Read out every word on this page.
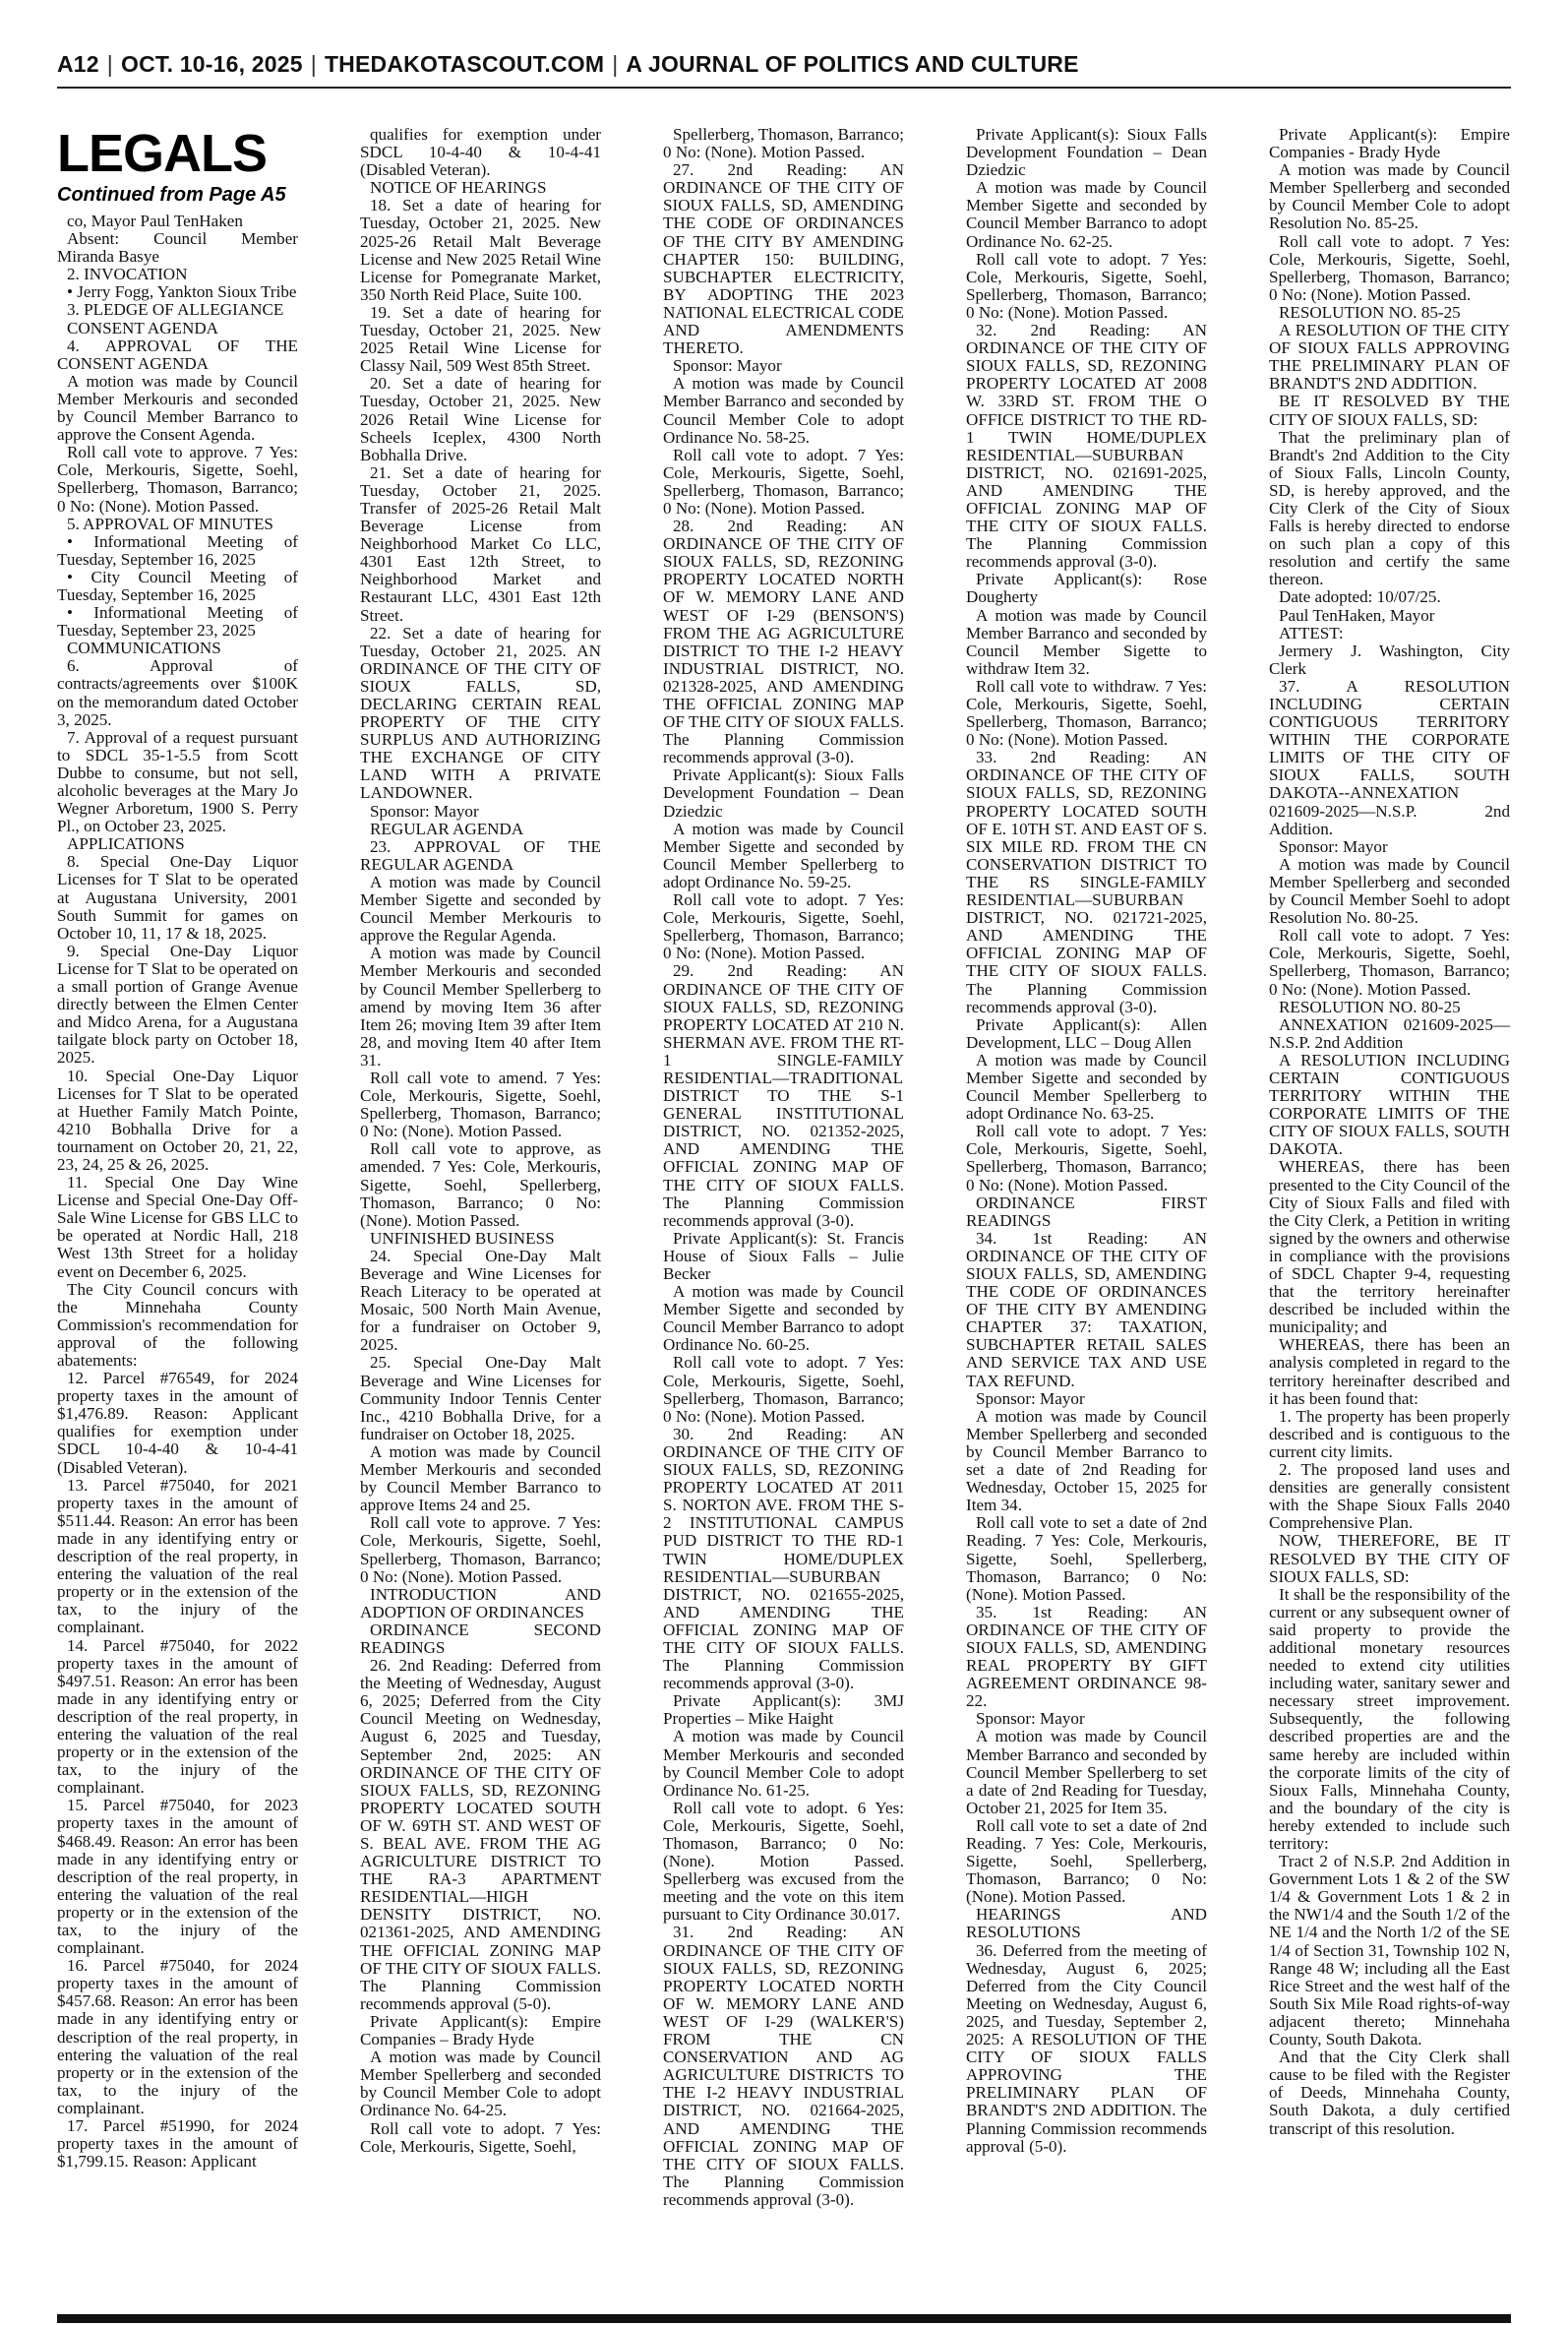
A12 | OCT. 10-16, 2025 | THEDAKOTASCOUT.COM | A JOURNAL OF POLITICS AND CULTURE
LEGALS
Continued from Page A5

co, Mayor Paul TenHaken

Absent: Council Member Miranda Basye

2. INVOCATION

• Jerry Fogg, Yankton Sioux Tribe

3. PLEDGE OF ALLEGIANCE

CONSENT AGENDA

4. APPROVAL OF THE CONSENT AGENDA

A motion was made by Council Member Merkouris and seconded by Council Member Barranco to approve the Consent Agenda.

Roll call vote to approve. 7 Yes: Cole, Merkouris, Sigette, Soehl, Spellerberg, Thomason, Barranco; 0 No: (None). Motion Passed.

5. APPROVAL OF MINUTES

• Informational Meeting of Tuesday, September 16, 2025

• City Council Meeting of Tuesday, September 16, 2025

• Informational Meeting of Tuesday, September 23, 2025

COMMUNICATIONS

6. Approval of contracts/agreements over $100K on the memorandum dated October 3, 2025.

7. Approval of a request pursuant to SDCL 35-1-5.5 from Scott Dubbe to consume, but not sell, alcoholic beverages at the Mary Jo Wegner Arboretum, 1900 S. Perry Pl., on October 23, 2025.

APPLICATIONS

8. Special One-Day Liquor Licenses for T Slat to be operated at Augustana University, 2001 South Summit for games on October 10, 11, 17 & 18, 2025.

9. Special One-Day Liquor License for T Slat to be operated on a small portion of Grange Avenue directly between the Elmen Center and Midco Arena, for a Augustana tailgate block party on October 18, 2025.

10. Special One-Day Liquor Licenses for T Slat to be operated at Huether Family Match Pointe, 4210 Bobhalla Drive for a tournament on October 20, 21, 22, 23, 24, 25 & 26, 2025.

11. Special One Day Wine License and Special One-Day Off-Sale Wine License for GBS LLC to be operated at Nordic Hall, 218 West 13th Street for a holiday event on December 6, 2025.

The City Council concurs with the Minnehaha County Commission's recommendation for approval of the following abatements:

12. Parcel #76549, for 2024 property taxes in the amount of $1,476.89. Reason: Applicant qualifies for exemption under SDCL 10-4-40 & 10-4-41 (Disabled Veteran).

13. Parcel #75040, for 2021 property taxes in the amount of $511.44. Reason: An error has been made in any identifying entry or description of the real property, in entering the valuation of the real property or in the extension of the tax, to the injury of the complainant.

14. Parcel #75040, for 2022 property taxes in the amount of $497.51. Reason: An error has been made in any identifying entry or description of the real property, in entering the valuation of the real property or in the extension of the tax, to the injury of the complainant.

15. Parcel #75040, for 2023 property taxes in the amount of $468.49. Reason: An error has been made in any identifying entry or description of the real property, in entering the valuation of the real property or in the extension of the tax, to the injury of the complainant.

16. Parcel #75040, for 2024 property taxes in the amount of $457.68. Reason: An error has been made in any identifying entry or description of the real property, in entering the valuation of the real property or in the extension of the tax, to the injury of the complainant.

17. Parcel #51990, for 2024 property taxes in the amount of $1,799.15. Reason: Applicant

qualifies for exemption under SDCL 10-4-40 & 10-4-41 (Disabled Veteran).

NOTICE OF HEARINGS

18. Set a date of hearing for Tuesday, October 21, 2025. New 2025-26 Retail Malt Beverage License and New 2025 Retail Wine License for Pomegranate Market, 350 North Reid Place, Suite 100.

19. Set a date of hearing for Tuesday, October 21, 2025. New 2025 Retail Wine License for Classy Nail, 509 West 85th Street.

20. Set a date of hearing for Tuesday, October 21, 2025. New 2026 Retail Wine License for Scheels Iceplex, 4300 North Bobhalla Drive.

21. Set a date of hearing for Tuesday, October 21, 2025. Transfer of 2025-26 Retail Malt Beverage License from Neighborhood Market Co LLC, 4301 East 12th Street, to Neighborhood Market and Restaurant LLC, 4301 East 12th Street.

22. Set a date of hearing for Tuesday, October 21, 2025. AN ORDINANCE OF THE CITY OF SIOUX FALLS, SD, DECLARING CERTAIN REAL PROPERTY OF THE CITY SURPLUS AND AUTHORIZING THE EXCHANGE OF CITY LAND WITH A PRIVATE LANDOWNER.

Sponsor: Mayor

REGULAR AGENDA

23. APPROVAL OF THE REGULAR AGENDA

A motion was made by Council Member Sigette and seconded by Council Member Merkouris to approve the Regular Agenda.

A motion was made by Council Member Merkouris and seconded by Council Member Spellerberg to amend by moving Item 36 after Item 26; moving Item 39 after Item 28, and moving Item 40 after Item 31.

Roll call vote to amend. 7 Yes: Cole, Merkouris, Sigette, Soehl, Spellerberg, Thomason, Barranco; 0 No: (None). Motion Passed.

Roll call vote to approve, as amended. 7 Yes: Cole, Merkouris, Sigette, Soehl, Spellerberg, Thomason, Barranco; 0 No: (None). Motion Passed.

UNFINISHED BUSINESS

24. Special One-Day Malt Beverage and Wine Licenses for Reach Literacy to be operated at Mosaic, 500 North Main Avenue, for a fundraiser on October 9, 2025.

25. Special One-Day Malt Beverage and Wine Licenses for Community Indoor Tennis Center Inc., 4210 Bobhalla Drive, for a fundraiser on October 18, 2025.

A motion was made by Council Member Merkouris and seconded by Council Member Barranco to approve Items 24 and 25.

Roll call vote to approve. 7 Yes: Cole, Merkouris, Sigette, Soehl, Spellerberg, Thomason, Barranco; 0 No: (None). Motion Passed.

INTRODUCTION AND ADOPTION OF ORDINANCES

ORDINANCE SECOND READINGS

26. 2nd Reading: Deferred from the Meeting of Wednesday, August 6, 2025; Deferred from the City Council Meeting on Wednesday, August 6, 2025 and Tuesday, September 2nd, 2025: AN ORDINANCE OF THE CITY OF SIOUX FALLS, SD, REZONING PROPERTY LOCATED SOUTH OF W. 69TH ST. AND WEST OF S. BEAL AVE. FROM THE AG AGRICULTURE DISTRICT TO THE RA-3 APARTMENT RESIDENTIAL—HIGH DENSITY DISTRICT, NO. 021361-2025, AND AMENDING THE OFFICIAL ZONING MAP OF THE CITY OF SIOUX FALLS. The Planning Commission recommends approval (5-0).

Private Applicant(s): Empire Companies – Brady Hyde

A motion was made by Council Member Spellerberg and seconded by Council Member Cole to adopt Ordinance No. 64-25.

Roll call vote to adopt. 7 Yes: Cole, Merkouris, Sigette, Soehl,

Spellerberg, Thomason, Barranco; 0 No: (None). Motion Passed.

27. 2nd Reading: AN ORDINANCE OF THE CITY OF SIOUX FALLS, SD, AMENDING THE CODE OF ORDINANCES OF THE CITY BY AMENDING CHAPTER 150: BUILDING, SUBCHAPTER ELECTRICITY, BY ADOPTING THE 2023 NATIONAL ELECTRICAL CODE AND AMENDMENTS THERETO.

Sponsor: Mayor

A motion was made by Council Member Barranco and seconded by Council Member Cole to adopt Ordinance No. 58-25.

Roll call vote to adopt. 7 Yes: Cole, Merkouris, Sigette, Soehl, Spellerberg, Thomason, Barranco; 0 No: (None). Motion Passed.

28. 2nd Reading: AN ORDINANCE OF THE CITY OF SIOUX FALLS, SD, REZONING PROPERTY LOCATED NORTH OF W. MEMORY LANE AND WEST OF I-29 (BENSON'S) FROM THE AG AGRICULTURE DISTRICT TO THE I-2 HEAVY INDUSTRIAL DISTRICT, NO. 021328-2025, AND AMENDING THE OFFICIAL ZONING MAP OF THE CITY OF SIOUX FALLS. The Planning Commission recommends approval (3-0).

Private Applicant(s): Sioux Falls Development Foundation – Dean Dziedzic

A motion was made by Council Member Sigette and seconded by Council Member Spellerberg to adopt Ordinance No. 59-25.

Roll call vote to adopt. 7 Yes: Cole, Merkouris, Sigette, Soehl, Spellerberg, Thomason, Barranco; 0 No: (None). Motion Passed.

29. 2nd Reading: AN ORDINANCE OF THE CITY OF SIOUX FALLS, SD, REZONING PROPERTY LOCATED AT 210 N. SHERMAN AVE. FROM THE RT-1 SINGLE-FAMILY RESIDENTIAL—TRADITIONAL DISTRICT TO THE S-1 GENERAL INSTITUTIONAL DISTRICT, NO. 021352-2025, AND AMENDING THE OFFICIAL ZONING MAP OF THE CITY OF SIOUX FALLS. The Planning Commission recommends approval (3-0).

Private Applicant(s): St. Francis House of Sioux Falls – Julie Becker

A motion was made by Council Member Sigette and seconded by Council Member Barranco to adopt Ordinance No. 60-25.

Roll call vote to adopt. 7 Yes: Cole, Merkouris, Sigette, Soehl, Spellerberg, Thomason, Barranco; 0 No: (None). Motion Passed.

30. 2nd Reading: AN ORDINANCE OF THE CITY OF SIOUX FALLS, SD, REZONING PROPERTY LOCATED AT 2011 S. NORTON AVE. FROM THE S-2 INSTITUTIONAL CAMPUS PUD DISTRICT TO THE RD-1 TWIN HOME/DUPLEX RESIDENTIAL—SUBURBAN DISTRICT, NO. 021655-2025, AND AMENDING THE OFFICIAL ZONING MAP OF THE CITY OF SIOUX FALLS. The Planning Commission recommends approval (3-0).

Private Applicant(s): 3MJ Properties – Mike Haight

A motion was made by Council Member Merkouris and seconded by Council Member Cole to adopt Ordinance No. 61-25.

Roll call vote to adopt. 6 Yes: Cole, Merkouris, Sigette, Soehl, Thomason, Barranco; 0 No: (None). Motion Passed. Spellerberg was excused from the meeting and the vote on this item pursuant to City Ordinance 30.017.

31. 2nd Reading: AN ORDINANCE OF THE CITY OF SIOUX FALLS, SD, REZONING PROPERTY LOCATED NORTH OF W. MEMORY LANE AND WEST OF I-29 (WALKER'S) FROM THE CN CONSERVATION AND AG AGRICULTURE DISTRICTS TO THE I-2 HEAVY INDUSTRIAL DISTRICT, NO. 021664-2025, AND AMENDING THE OFFICIAL ZONING MAP OF THE CITY OF SIOUX FALLS. The Planning Commission recommends approval (3-0).

Private Applicant(s): Sioux Falls Development Foundation – Dean Dziedzic

A motion was made by Council Member Sigette and seconded by Council Member Barranco to adopt Ordinance No. 62-25.

Roll call vote to adopt. 7 Yes: Cole, Merkouris, Sigette, Soehl, Spellerberg, Thomason, Barranco; 0 No: (None). Motion Passed.

32. 2nd Reading: AN ORDINANCE OF THE CITY OF SIOUX FALLS, SD, REZONING PROPERTY LOCATED AT 2008 W. 33RD ST. FROM THE O OFFICE DISTRICT TO THE RD-1 TWIN HOME/DUPLEX RESIDENTIAL—SUBURBAN DISTRICT, NO. 021691-2025, AND AMENDING THE OFFICIAL ZONING MAP OF THE CITY OF SIOUX FALLS. The Planning Commission recommends approval (3-0).

Private Applicant(s): Rose Dougherty

A motion was made by Council Member Barranco and seconded by Council Member Sigette to withdraw Item 32.

Roll call vote to withdraw. 7 Yes: Cole, Merkouris, Sigette, Soehl, Spellerberg, Thomason, Barranco; 0 No: (None). Motion Passed.

33. 2nd Reading: AN ORDINANCE OF THE CITY OF SIOUX FALLS, SD, REZONING PROPERTY LOCATED SOUTH OF E. 10TH ST. AND EAST OF S. SIX MILE RD. FROM THE CN CONSERVATION DISTRICT TO THE RS SINGLE-FAMILY RESIDENTIAL—SUBURBAN DISTRICT, NO. 021721-2025, AND AMENDING THE OFFICIAL ZONING MAP OF THE CITY OF SIOUX FALLS. The Planning Commission recommends approval (3-0).

Private Applicant(s): Allen Development, LLC – Doug Allen

A motion was made by Council Member Sigette and seconded by Council Member Spellerberg to adopt Ordinance No. 63-25.

Roll call vote to adopt. 7 Yes: Cole, Merkouris, Sigette, Soehl, Spellerberg, Thomason, Barranco; 0 No: (None). Motion Passed.

ORDINANCE FIRST READINGS

34. 1st Reading: AN ORDINANCE OF THE CITY OF SIOUX FALLS, SD, AMENDING THE CODE OF ORDINANCES OF THE CITY BY AMENDING CHAPTER 37: TAXATION, SUBCHAPTER RETAIL SALES AND SERVICE TAX AND USE TAX REFUND.

Sponsor: Mayor

A motion was made by Council Member Spellerberg and seconded by Council Member Barranco to set a date of 2nd Reading for Wednesday, October 15, 2025 for Item 34.

Roll call vote to set a date of 2nd Reading. 7 Yes: Cole, Merkouris, Sigette, Soehl, Spellerberg, Thomason, Barranco; 0 No: (None). Motion Passed.

35. 1st Reading: AN ORDINANCE OF THE CITY OF SIOUX FALLS, SD, AMENDING REAL PROPERTY BY GIFT AGREEMENT ORDINANCE 98-22.

Sponsor: Mayor

A motion was made by Council Member Barranco and seconded by Council Member Spellerberg to set a date of 2nd Reading for Tuesday, October 21, 2025 for Item 35.

Roll call vote to set a date of 2nd Reading. 7 Yes: Cole, Merkouris, Sigette, Soehl, Spellerberg, Thomason, Barranco; 0 No: (None). Motion Passed.

HEARINGS AND RESOLUTIONS

36. Deferred from the meeting of Wednesday, August 6, 2025; Deferred from the City Council Meeting on Wednesday, August 6, 2025, and Tuesday, September 2, 2025: A RESOLUTION OF THE CITY OF SIOUX FALLS APPROVING THE PRELIMINARY PLAN OF BRANDT'S 2ND ADDITION. The Planning Commission recommends approval (5-0).

Private Applicant(s): Empire Companies - Brady Hyde

A motion was made by Council Member Spellerberg and seconded by Council Member Cole to adopt Resolution No. 85-25.

Roll call vote to adopt. 7 Yes: Cole, Merkouris, Sigette, Soehl, Spellerberg, Thomason, Barranco; 0 No: (None). Motion Passed.

RESOLUTION NO. 85-25

A RESOLUTION OF THE CITY OF SIOUX FALLS APPROVING THE PRELIMINARY PLAN OF BRANDT'S 2ND ADDITION.

BE IT RESOLVED BY THE CITY OF SIOUX FALLS, SD:

That the preliminary plan of Brandt's 2nd Addition to the City of Sioux Falls, Lincoln County, SD, is hereby approved, and the City Clerk of the City of Sioux Falls is hereby directed to endorse on such plan a copy of this resolution and certify the same thereon.

Date adopted: 10/07/25.

Paul TenHaken, Mayor

ATTEST:

Jermery J. Washington, City Clerk

37. A RESOLUTION INCLUDING CERTAIN CONTIGUOUS TERRITORY WITHIN THE CORPORATE LIMITS OF THE CITY OF SIOUX FALLS, SOUTH DAKOTA--ANNEXATION 021609-2025—N.S.P. 2nd Addition.

Sponsor: Mayor

A motion was made by Council Member Spellerberg and seconded by Council Member Soehl to adopt Resolution No. 80-25.

Roll call vote to adopt. 7 Yes: Cole, Merkouris, Sigette, Soehl, Spellerberg, Thomason, Barranco; 0 No: (None). Motion Passed.

RESOLUTION NO. 80-25

ANNEXATION 021609-2025—N.S.P. 2nd Addition

A RESOLUTION INCLUDING CERTAIN CONTIGUOUS TERRITORY WITHIN THE CORPORATE LIMITS OF THE CITY OF SIOUX FALLS, SOUTH DAKOTA.

WHEREAS, there has been presented to the City Council of the City of Sioux Falls and filed with the City Clerk, a Petition in writing signed by the owners and otherwise in compliance with the provisions of SDCL Chapter 9-4, requesting that the territory hereinafter described be included within the municipality; and

WHEREAS, there has been an analysis completed in regard to the territory hereinafter described and it has been found that:

1. The property has been properly described and is contiguous to the current city limits.

2. The proposed land uses and densities are generally consistent with the Shape Sioux Falls 2040 Comprehensive Plan.

NOW, THEREFORE, BE IT RESOLVED BY THE CITY OF SIOUX FALLS, SD:

It shall be the responsibility of the current or any subsequent owner of said property to provide the additional monetary resources needed to extend city utilities including water, sanitary sewer and necessary street improvement. Subsequently, the following described properties are and the same hereby are included within the corporate limits of the city of Sioux Falls, Minnehaha County, and the boundary of the city is hereby extended to include such territory:

Tract 2 of N.S.P. 2nd Addition in Government Lots 1 & 2 of the SW 1/4 & Government Lots 1 & 2 in the NW1/4 and the South 1/2 of the NE 1/4 and the North 1/2 of the SE 1/4 of Section 31, Township 102 N, Range 48 W; including all the East Rice Street and the west half of the South Six Mile Road rights-of-way adjacent thereto; Minnehaha County, South Dakota.

And that the City Clerk shall cause to be filed with the Register of Deeds, Minnehaha County, South Dakota, a duly certified transcript of this resolution.
